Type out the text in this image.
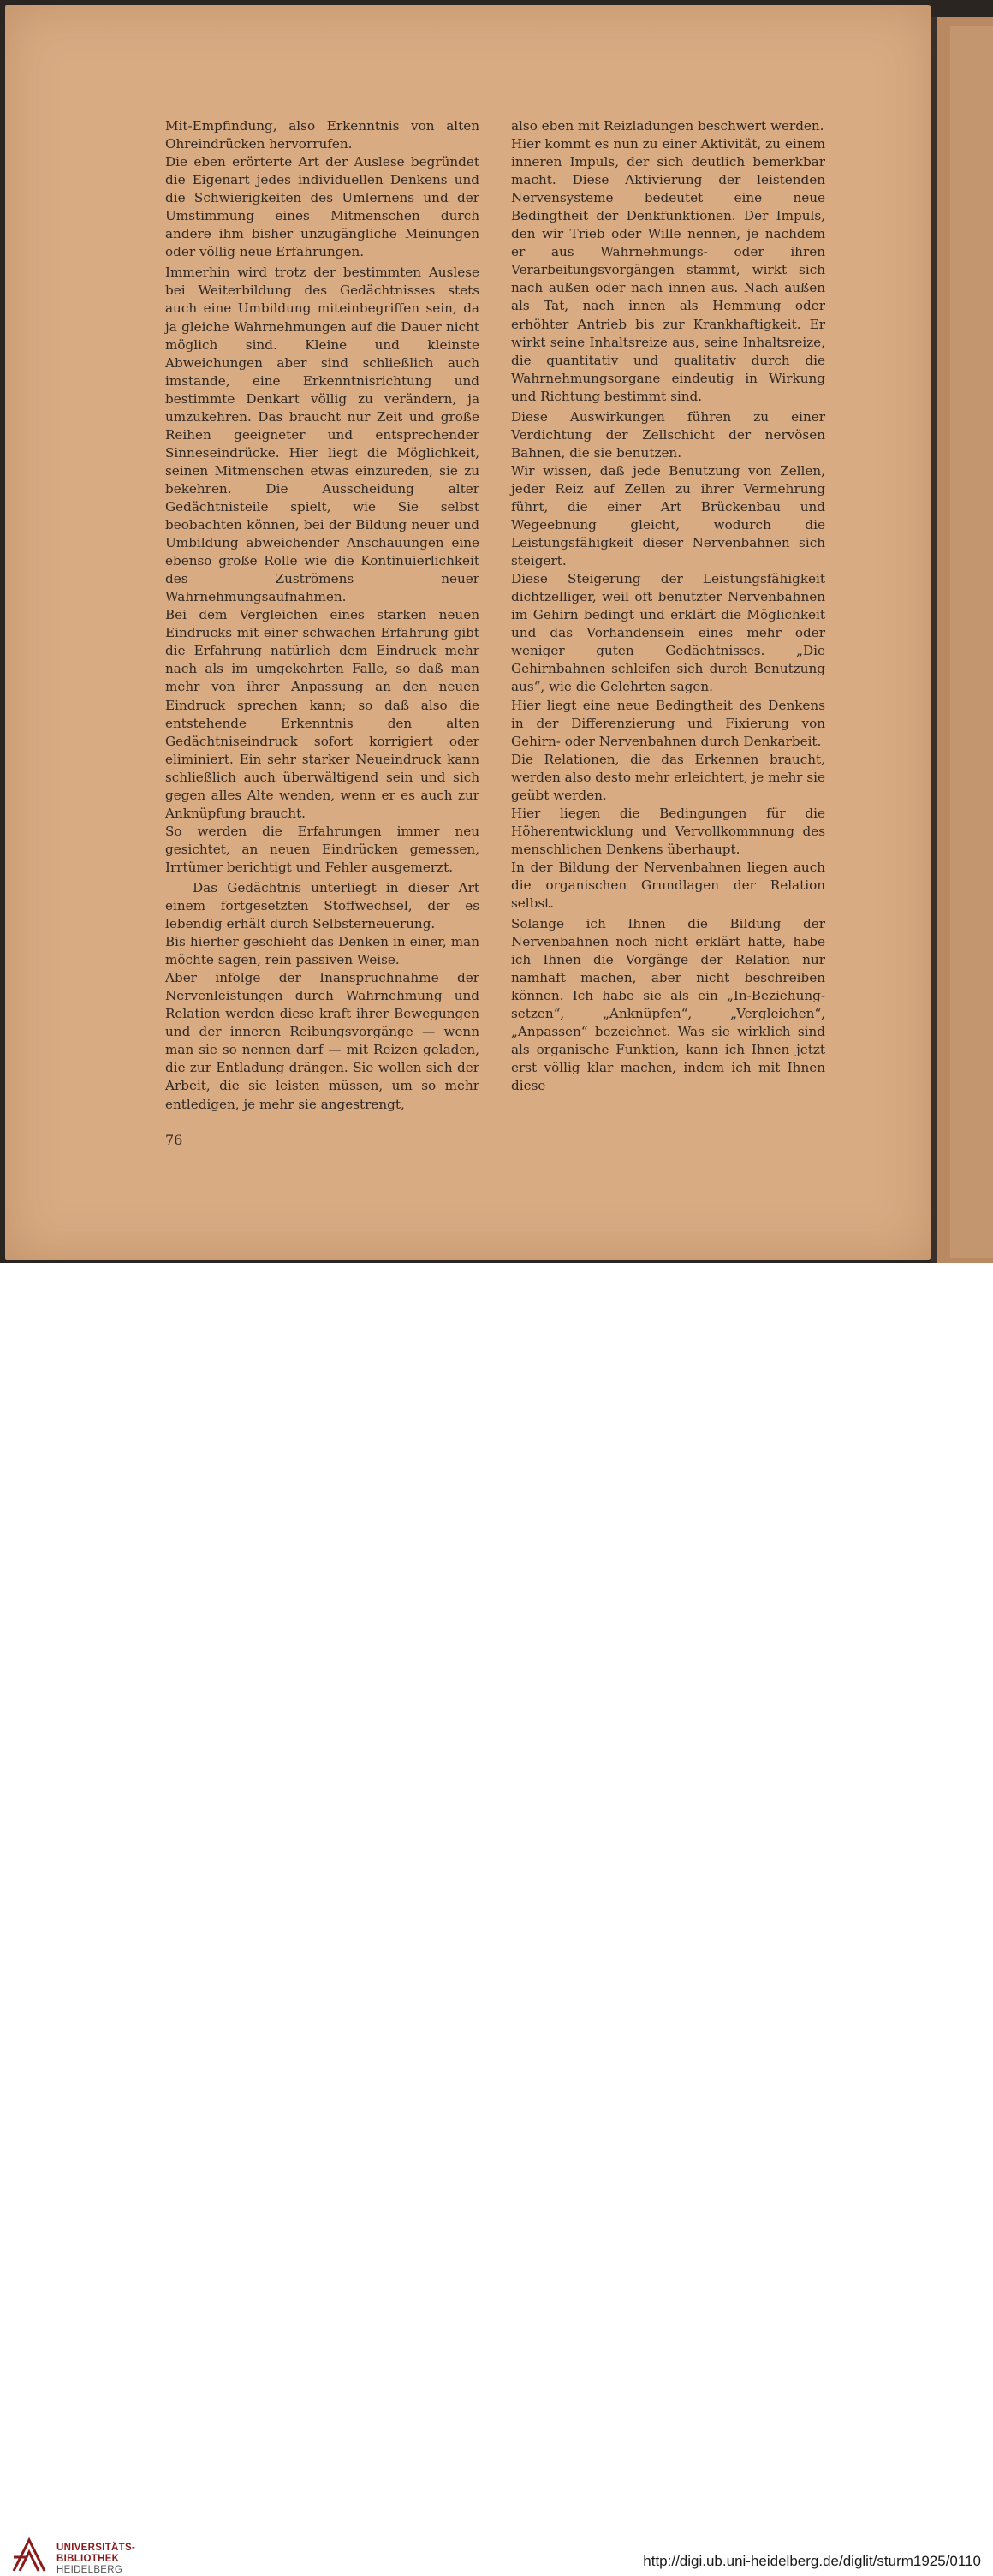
Mit-Empfindung, also Erkenntnis von alten Ohreindrücken hervorrufen.

Die eben erörterte Art der Auslese begründet die Eigenart jedes individuellen Denkens und die Schwierigkeiten des Umlernens und der Umstimmung eines Mitmenschen durch andere ihm bisher unzugängliche Meinungen oder völlig neue Erfahrungen.

Immerhin wird trotz der bestimmten Auslese bei Weiterbildung des Gedächtnisses stets auch eine Umbildung miteinbegriffen sein, da ja gleiche Wahrnehmungen auf die Dauer nicht möglich sind. Kleine und kleinste Abweichungen aber sind schließlich auch imstande, eine Erkenntnisrichtung und bestimmte Denkart völlig zu verändern, ja umzukehren. Das braucht nur Zeit und große Reihen geeigneter und entsprechender Sinneseindrücke. Hier liegt die Möglichkeit, seinen Mitmenschen etwas einzureden, sie zu bekehren. Die Ausscheidung alter Gedächtnisteile spielt, wie Sie selbst beobachten können, bei der Bildung neuer und Umbildung abweichender Anschauungen eine ebenso große Rolle wie die Kontinuierlichkeit des Zuströmens neuer Wahrnehmungsaufnahmen.

Bei dem Vergleichen eines starken neuen Eindrucks mit einer schwachen Erfahrung gibt die Erfahrung natürlich dem Eindruck mehr nach als im umgekehrten Falle, so daß man mehr von ihrer Anpassung an den neuen Eindruck sprechen kann; so daß also die entstehende Erkenntnis den alten Gedächtniseindruck sofort korrigiert oder eliminiert. Ein sehr starker Neueindruck kann schließlich auch überwältigend sein und sich gegen alles Alte wenden, wenn er es auch zur Anknüpfung braucht.

So werden die Erfahrungen immer neu gesichtet, an neuen Eindrücken gemessen, Irrtümer berichtigt und Fehler ausgemerzt.

Das Gedächtnis unterliegt in dieser Art einem fortgesetzten Stoffwechsel, der es lebendig erhält durch Selbsterneuerung.

Bis hierher geschieht das Denken in einer, man möchte sagen, rein passiven Weise.

Aber infolge der Inanspruchnahme der Nervenleistungen durch Wahrnehmung und Relation werden diese kraft ihrer Bewegungen und der inneren Reibungsvorgänge — wenn man sie so nennen darf — mit Reizen geladen, die zur Entladung drängen. Sie wollen sich der Arbeit, die sie leisten müssen, um so mehr entledigen, je mehr sie angestrengt,

also eben mit Reizladungen beschwert werden.

Hier kommt es nun zu einer Aktivität, zu einem inneren Impuls, der sich deutlich bemerkbar macht. Diese Aktivierung der leistenden Nervensysteme bedeutet eine neue Bedingtheit der Denkfunktionen. Der Impuls, den wir Trieb oder Wille nennen, je nachdem er aus Wahrnehmungs- oder ihren Verarbeitungsvorgängen stammt, wirkt sich nach außen oder nach innen aus. Nach außen als Tat, nach innen als Hemmung oder erhöhter Antrieb bis zur Krankhaftigkeit. Er wirkt seine Inhaltsreize aus, seine Inhaltsreize, die quantitativ und qualitativ durch die Wahrnehmungsorgane eindeutig in Wirkung und Richtung bestimmt sind.

Diese Auswirkungen führen zu einer Verdichtung der Zellschicht der nervösen Bahnen, die sie benutzen.

Wir wissen, daß jede Benutzung von Zellen, jeder Reiz auf Zellen zu ihrer Vermehrung führt, die einer Art Brückenbau und Wegeebnung gleicht, wodurch die Leistungsfähigkeit dieser Nervenbahnen sich steigert.

Diese Steigerung der Leistungsfähigkeit dichtzelliger, weil oft benutzter Nervenbahnen im Gehirn bedingt und erklärt die Möglichkeit und das Vorhandensein eines mehr oder weniger guten Gedächtnisses. „Die Gehirnbahnen schleifen sich durch Benutzung aus“, wie die Gelehrten sagen.

Hier liegt eine neue Bedingtheit des Denkens in der Differenzierung und Fixierung von Gehirn- oder Nervenbahnen durch Denkarbeit.

Die Relationen, die das Erkennen braucht, werden also desto mehr erleichtert, je mehr sie geübt werden.

Hier liegen die Bedingungen für die Höherentwicklung und Vervollkommnung des menschlichen Denkens überhaupt.

In der Bildung der Nervenbahnen liegen auch die organischen Grundlagen der Relation selbst.

Solange ich Ihnen die Bildung der Nervenbahnen noch nicht erklärt hatte, habe ich Ihnen die Vorgänge der Relation nur namhaft machen, aber nicht beschreiben können. Ich habe sie als ein „In-Beziehung-setzen“, „Anknüpfen“, „Vergleichen“, „Anpassen“ bezeichnet. Was sie wirklich sind als organische Funktion, kann ich Ihnen jetzt erst völlig klar machen, indem ich mit Ihnen diese

76
UNIVERSITÄTS-
BIBLIOTHEK
HEIDELBERG
http://digi.ub.uni-heidelberg.de/diglit/sturm1925/0110
